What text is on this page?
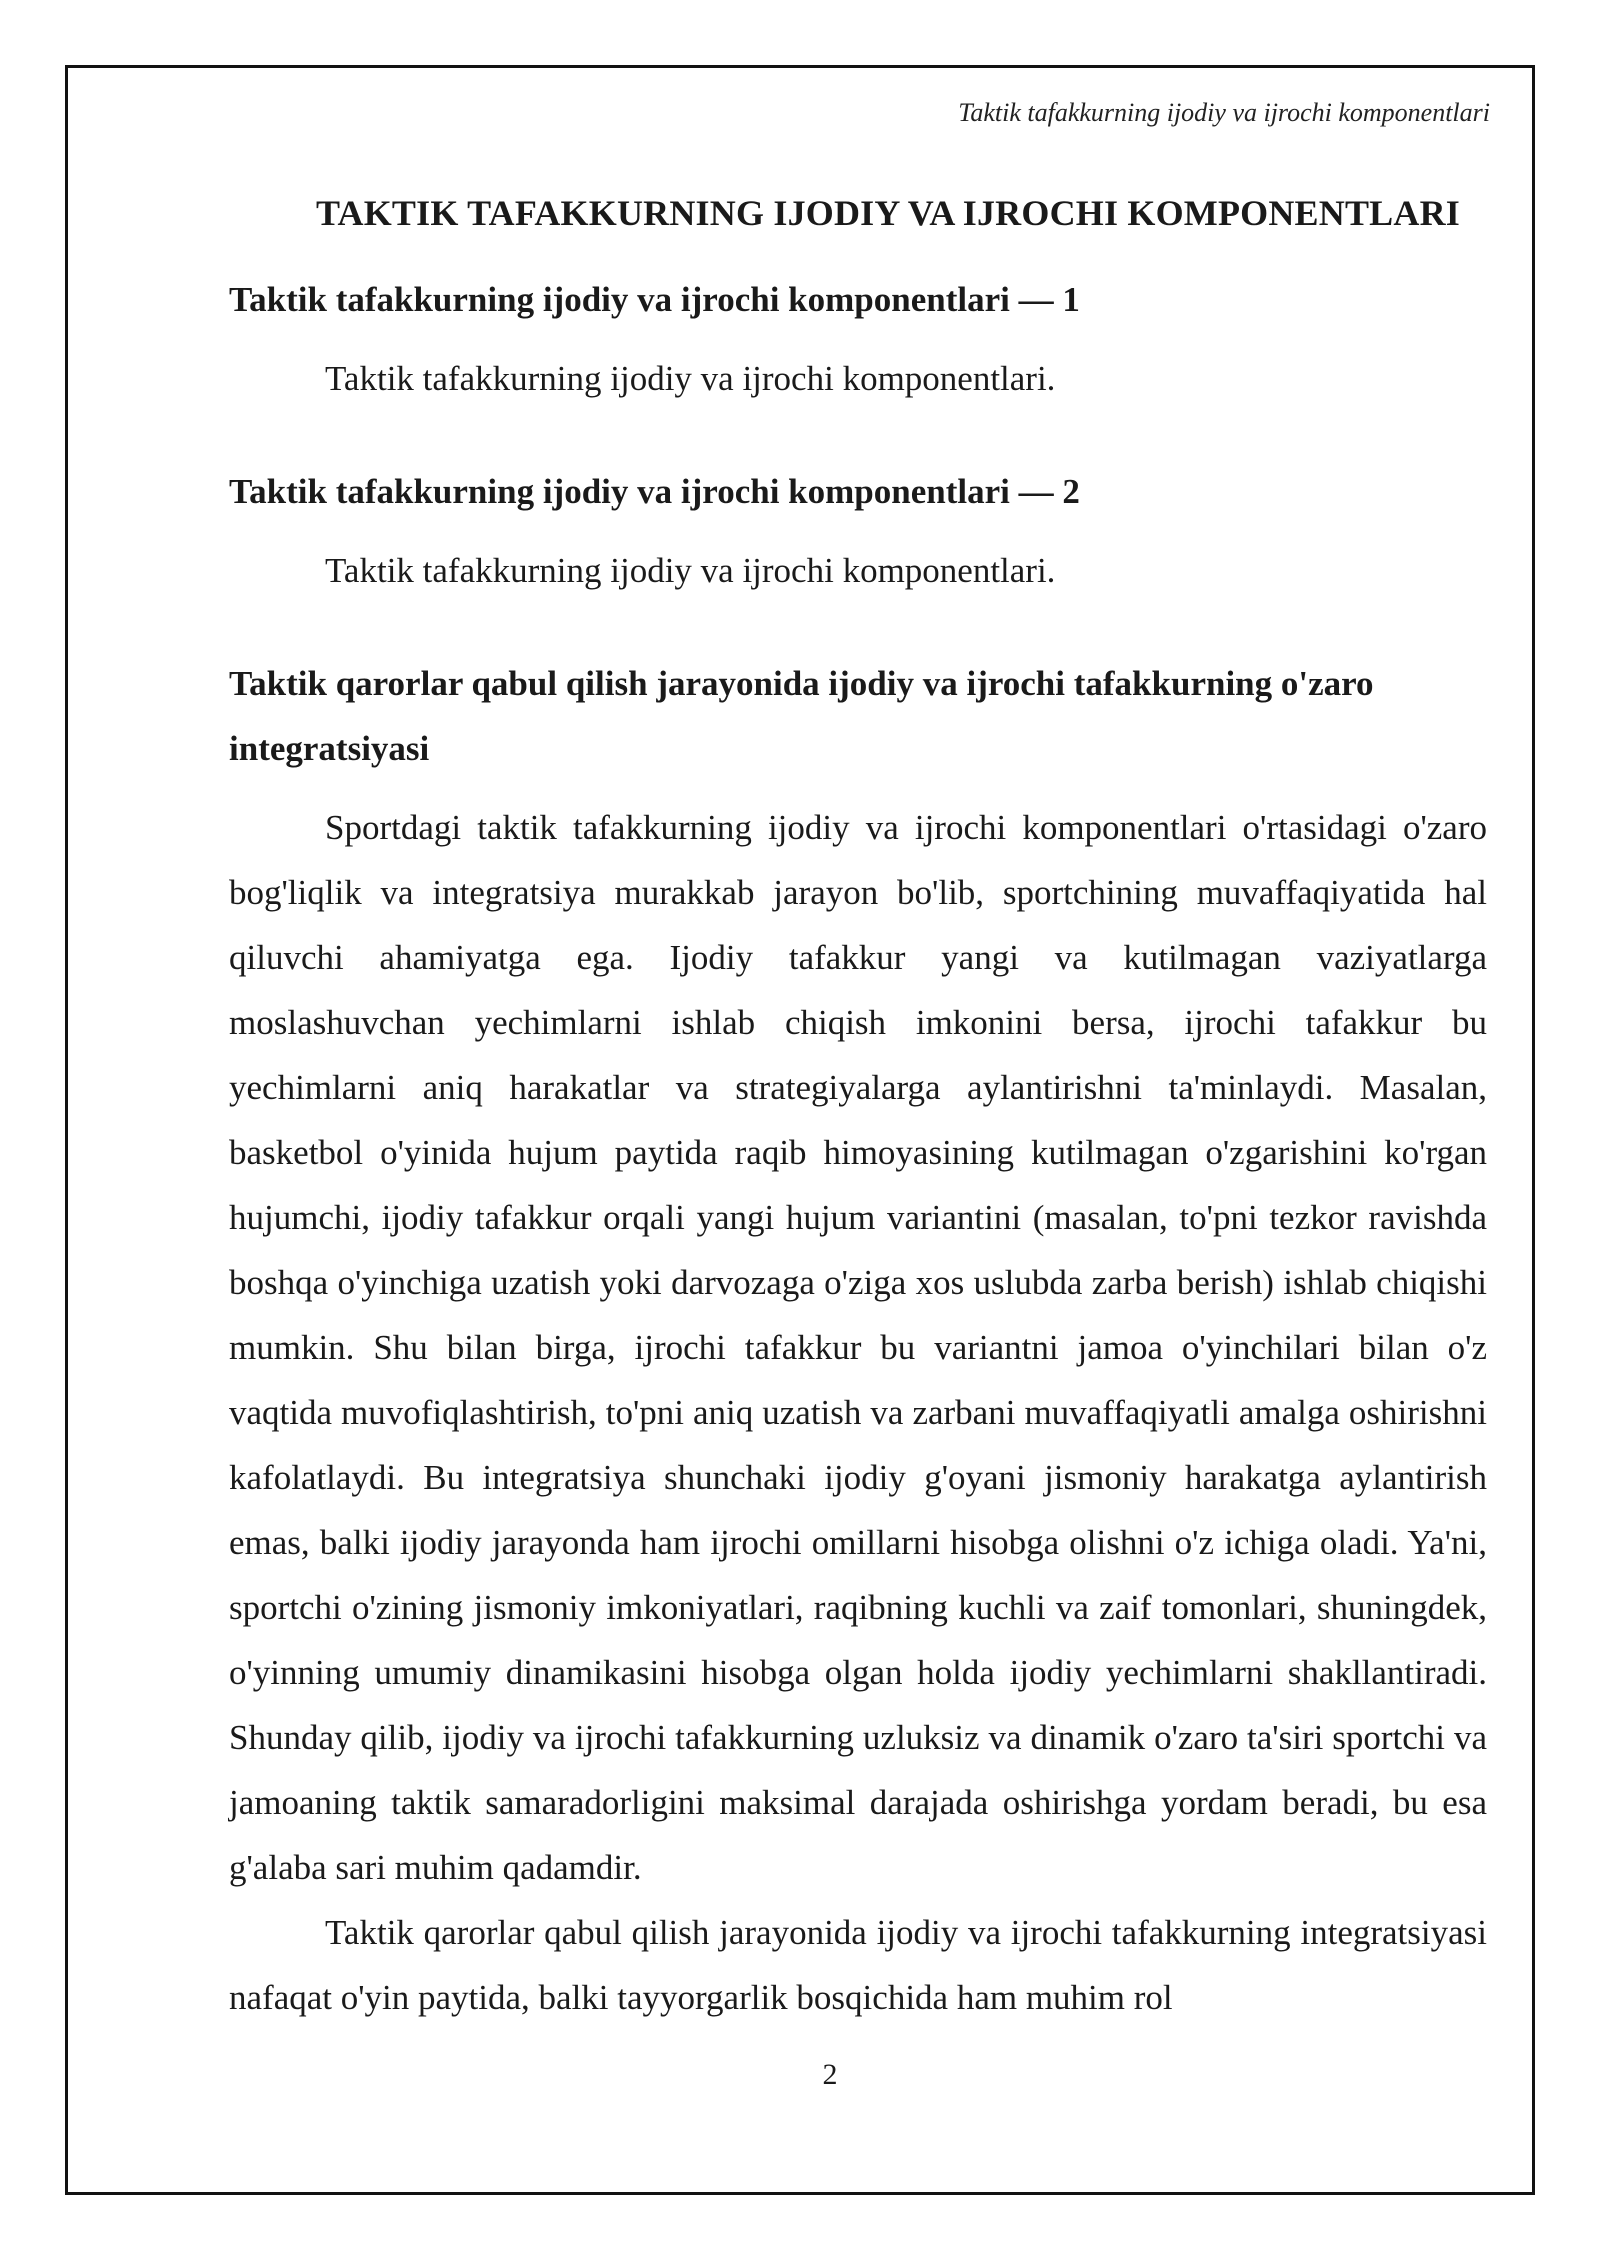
Taktik tafakkurning ijodiy va ijrochi komponentlari
TAKTIK TAFAKKURNING IJODIY VA IJROCHI KOMPONENTLARI
Taktik tafakkurning ijodiy va ijrochi komponentlari — 1

Taktik tafakkurning ijodiy va ijrochi komponentlari.

Taktik tafakkurning ijodiy va ijrochi komponentlari — 2

Taktik tafakkurning ijodiy va ijrochi komponentlari.

Taktik qarorlar qabul qilish jarayonida ijodiy va ijrochi tafakkurning o'zaro integratsiyasi

Sportdagi taktik tafakkurning ijodiy va ijrochi komponentlari o'rtasidagi o'zaro bog'liqlik va integratsiya murakkab jarayon bo'lib, sportchining muvaffaqiyatida hal qiluvchi ahamiyatga ega. Ijodiy tafakkur yangi va kutilmagan vaziyatlarga moslashuvchan yechimlarni ishlab chiqish imkonini bersa, ijrochi tafakkur bu yechimlarni aniq harakatlar va strategiyalarga aylantirishni ta'minlaydi. Masalan, basketbol o'yinida hujum paytida raqib himoyasining kutilmagan o'zgarishini ko'rgan hujumchi, ijodiy tafakkur orqali yangi hujum variantini (masalan, to'pni tezkor ravishda boshqa o'yinchiga uzatish yoki darvozaga o'ziga xos uslubda zarba berish) ishlab chiqishi mumkin. Shu bilan birga, ijrochi tafakkur bu variantni jamoa o'yinchilari bilan o'z vaqtida muvofiqlashtirish, to'pni aniq uzatish va zarbani muvaffaqiyatli amalga oshirishni kafolatlaydi. Bu integratsiya shunchaki ijodiy g'oyani jismoniy harakatga aylantirish emas, balki ijodiy jarayonda ham ijrochi omillarni hisobga olishni o'z ichiga oladi. Ya'ni, sportchi o'zining jismoniy imkoniyatlari, raqibning kuchli va zaif tomonlari, shuningdek, o'yinning umumiy dinamikasini hisobga olgan holda ijodiy yechimlarni shakllantiradi. Shunday qilib, ijodiy va ijrochi tafakkurning uzluksiz va dinamik o'zaro ta'siri sportchi va jamoaning taktik samaradorligini maksimal darajada oshirishga yordam beradi, bu esa g'alaba sari muhim qadamdir.

Taktik qarorlar qabul qilish jarayonida ijodiy va ijrochi tafakkurning integratsiyasi nafaqat o'yin paytida, balki tayyorgarlik bosqichida ham muhim rol

2
